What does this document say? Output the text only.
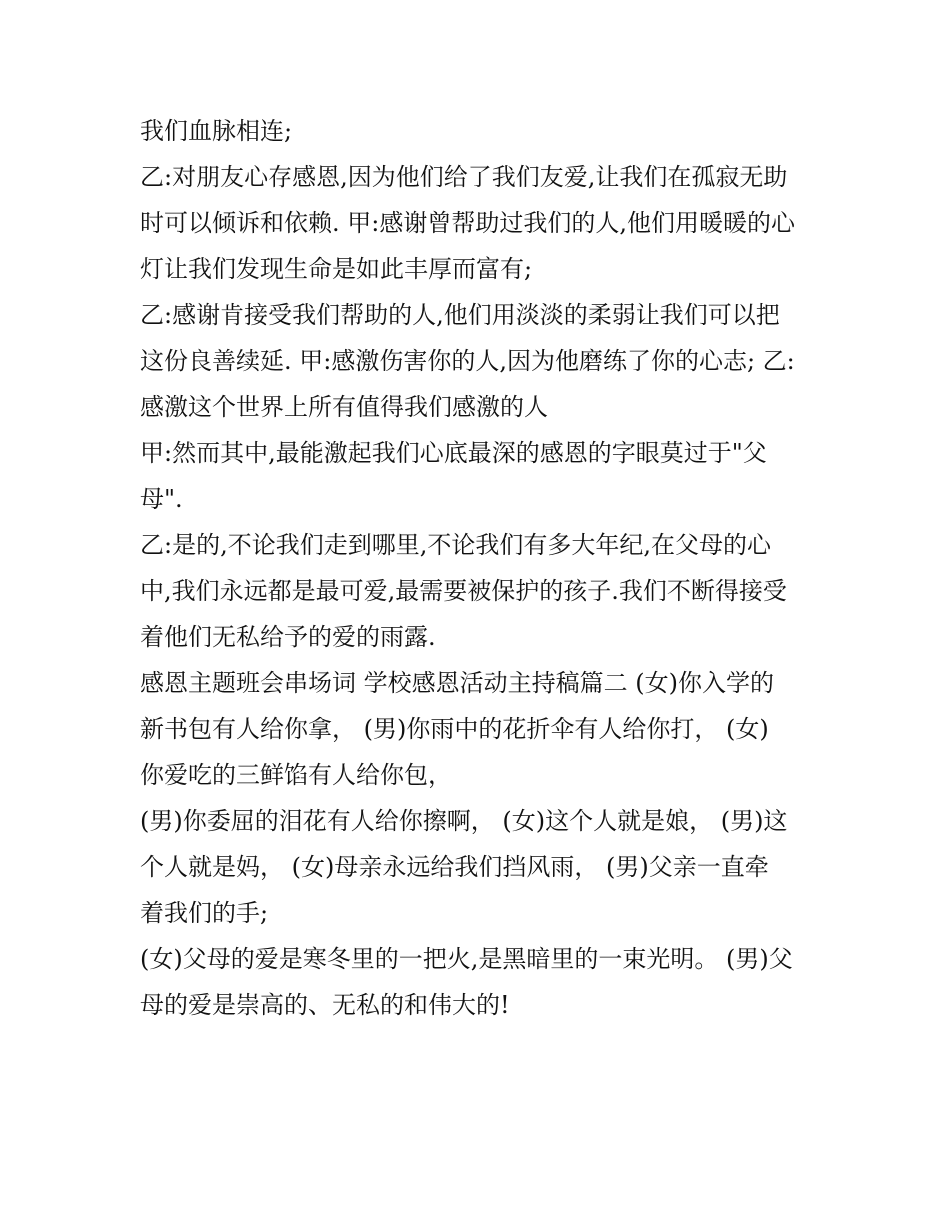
我们血脉相连;
乙:对朋友心存感恩,因为他们给了我们友爱,让我们在孤寂无助
时可以倾诉和依赖. 甲:感谢曾帮助过我们的人,他们用暖暖的心
灯让我们发现生命是如此丰厚而富有;
乙:感谢肯接受我们帮助的人,他们用淡淡的柔弱让我们可以把
这份良善续延. 甲:感激伤害你的人,因为他磨练了你的心志; 乙:
感激这个世界上所有值得我们感激的人
甲:然而其中,最能激起我们心底最深的感恩的字眼莫过于"父
母".
乙:是的,不论我们走到哪里,不论我们有多大年纪,在父母的心
中,我们永远都是最可爱,最需要被保护的孩子.我们不断得接受
着他们无私给予的爱的雨露.
感恩主题班会串场词 学校感恩活动主持稿篇二 (女)你入学的
新书包有人给你拿， (男)你雨中的花折伞有人给你打， (女)
你爱吃的三鲜馅有人给你包，
(男)你委屈的泪花有人给你擦啊， (女)这个人就是娘， (男)这
个人就是妈， (女)母亲永远给我们挡风雨， (男)父亲一直牵
着我们的手;
(女)父母的爱是寒冬里的一把火,是黑暗里的一束光明。 (男)父
母的爱是崇高的、无私的和伟大的!
